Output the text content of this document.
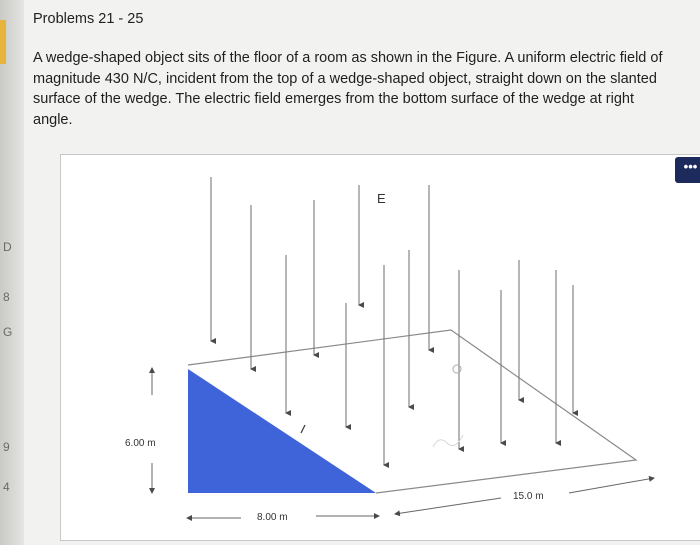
D
8
G
9
4
Problems 21 - 25
A wedge-shaped object sits of the floor of a room as shown in the Figure. A uniform electric field of magnitude 430 N/C, incident from the top of a wedge-shaped object, straight down on the slanted surface of the wedge. The electric field emerges from the bottom surface of the wedge at right angle.
E
6.00 m
8.00 m
15.0 m
•••
